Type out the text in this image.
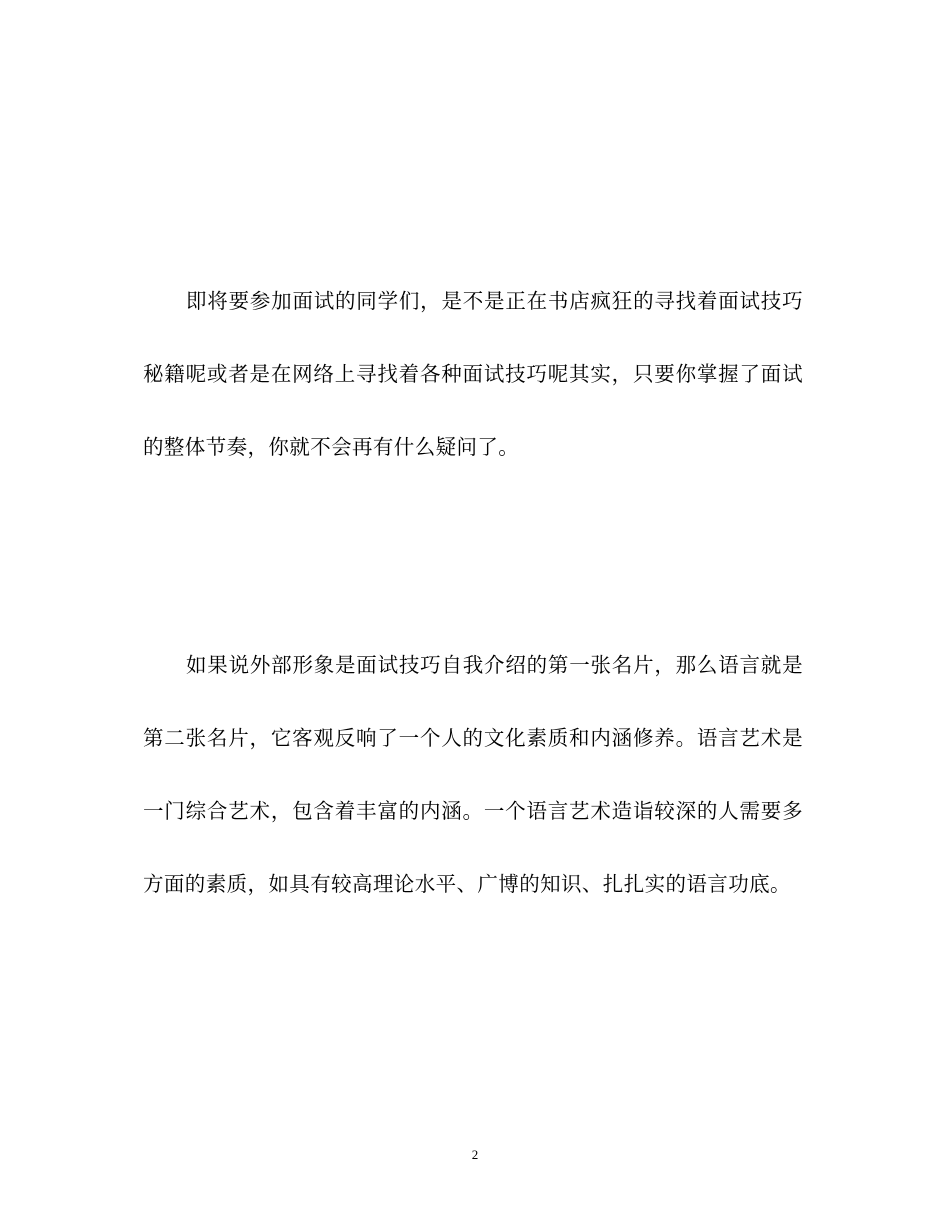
即将要参加面试的同学们，是不是正在书店疯狂的寻找着面试技巧秘籍呢或者是在网络上寻找着各种面试技巧呢其实，只要你掌握了面试的整体节奏，你就不会再有什么疑问了。

如果说外部形象是面试技巧自我介绍的第一张名片，那么语言就是第二张名片，它客观反响了一个人的文化素质和内涵修养。语言艺术是一门综合艺术，包含着丰富的内涵。一个语言艺术造诣较深的人需要多方面的素质，如具有较高理论水平、广博的知识、扎扎实的语言功底。

2
